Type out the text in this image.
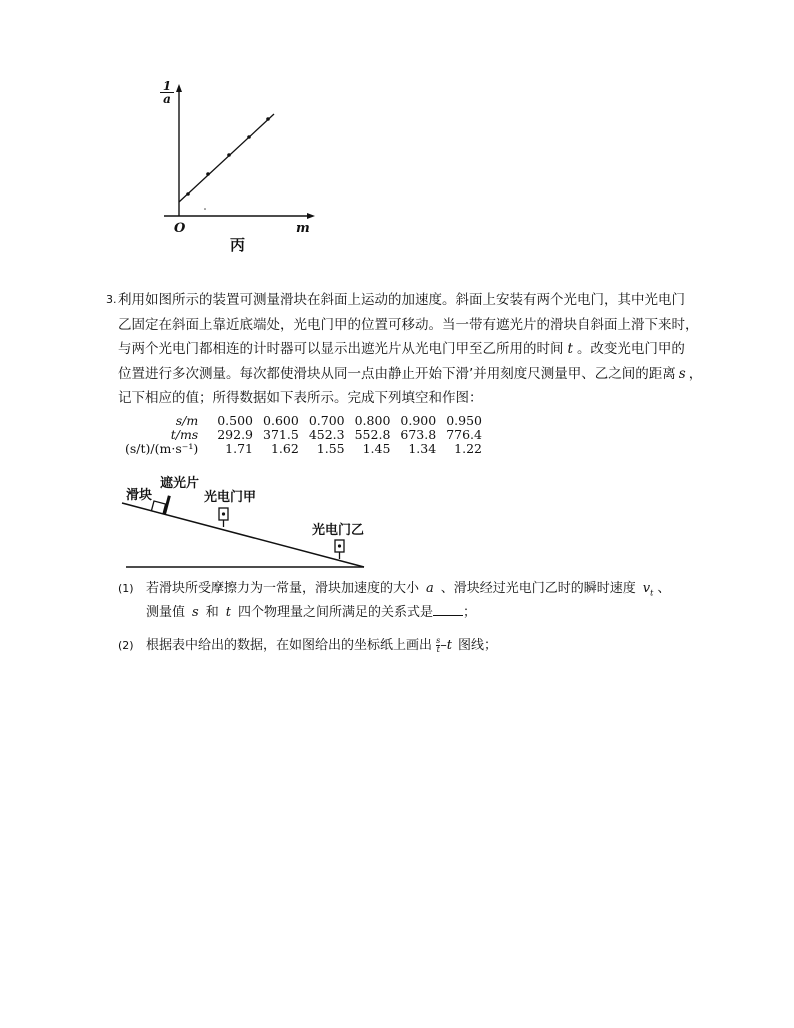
$\frac{1}{a}$
O	m
丙
3. 利用如图所示的装置可测量滑块在斜面上运动的加速度。斜面上安装有两个光电门，其中光电门

乙固定在斜面上靠近底端处，光电门甲的位置可移动。当一带有遮光片的滑块自斜面上滑下来时，

与两个光电门都相连的计时器可以显示出遮光片从光电门甲至乙所用的时间 t 。改变光电门甲的

位置进行多次测量。每次都使滑块从同一点由静止开始下滑’并用刻度尺测量甲、乙之间的距离 s ，

记下相应的值；所得数据如下表所示。完成下列填空和作图：

s/m	0.500	0.600	0.700	0.800	0.900	0.950
t/ms	292.9	371.5	452.3	552.8	673.8	776.4
(s/t)/(m·s⁻¹)	1.71	1.62	1.55	1.45	1.34	1.22
滑块
遮光片
光电门甲
光电门乙
(1) 若滑块所受摩擦力为一常量，滑块加速度的大小 a 、滑块经过光电门乙时的瞬时速度 $v_t$ 、
测量值 s 和 t 四个物理量之间所满足的关系式是 ；
(2) 根据表中给出的数据，在如图给出的坐标纸上画出 $\frac{s}{t} -t$ 图线；
